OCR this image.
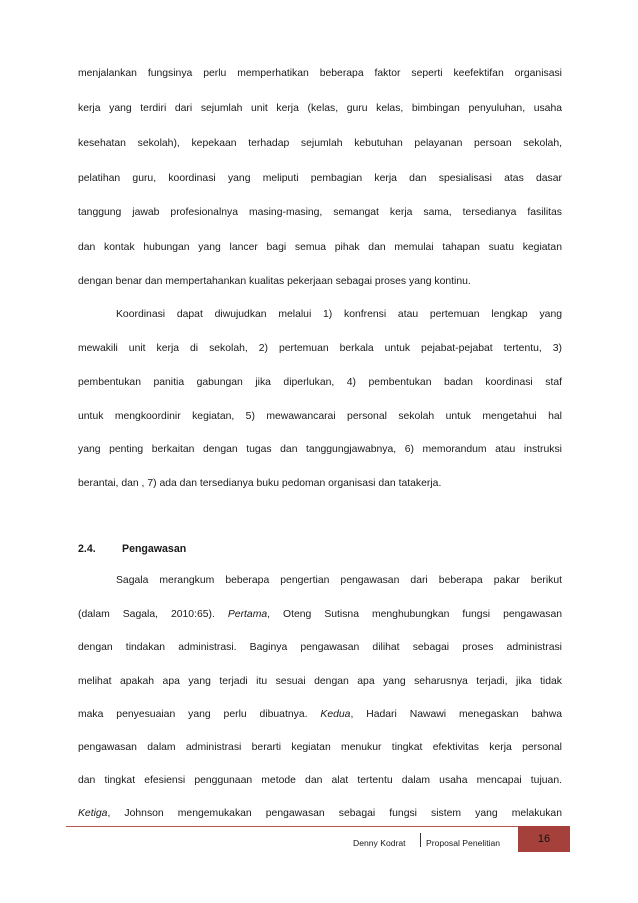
menjalankan fungsinya perlu memperhatikan beberapa faktor seperti keefektifan organisasi
kerja yang terdiri dari sejumlah unit kerja (kelas, guru kelas, bimbingan penyuluhan, usaha
kesehatan sekolah), kepekaan terhadap sejumlah kebutuhan pelayanan persoan sekolah,
pelatihan guru, koordinasi yang meliputi pembagian kerja dan spesialisasi atas dasar
tanggung jawab profesionalnya masing-masing, semangat kerja sama, tersedianya fasilitas
dan kontak hubungan yang lancer bagi semua pihak dan memulai tahapan suatu kegiatan
dengan benar dan mempertahankan kualitas pekerjaan sebagai proses yang kontinu.
Koordinasi dapat diwujudkan melalui 1) konfrensi atau pertemuan lengkap yang
mewakili unit kerja di sekolah, 2) pertemuan berkala untuk pejabat-pejabat tertentu, 3)
pembentukan panitia gabungan jika diperlukan, 4) pembentukan badan koordinasi staf
untuk mengkoordinir kegiatan, 5) mewawancarai personal sekolah untuk mengetahui hal
yang penting berkaitan dengan tugas dan tanggungjawabnya, 6) memorandum atau instruksi
berantai, dan , 7) ada dan tersedianya buku pedoman organisasi dan tatakerja.
2.4. Pengawasan
Sagala merangkum beberapa pengertian pengawasan dari beberapa pakar berikut
(dalam Sagala, 2010:65). Pertama, Oteng Sutisna menghubungkan fungsi pengawasan
dengan tindakan administrasi. Baginya pengawasan dilihat sebagai proses administrasi
melihat apakah apa yang terjadi itu sesuai dengan apa yang seharusnya terjadi, jika tidak
maka penyesuaian yang perlu dibuatnya. Kedua, Hadari Nawawi menegaskan bahwa
pengawasan dalam administrasi berarti kegiatan menukur tingkat efektivitas kerja personal
dan tingkat efesiensi penggunaan metode dan alat tertentu dalam usaha mencapai tujuan.
Ketiga, Johnson mengemukakan pengawasan sebagai fungsi sistem yang melakukan
Denny Kodrat Proposal Penelitian	16
